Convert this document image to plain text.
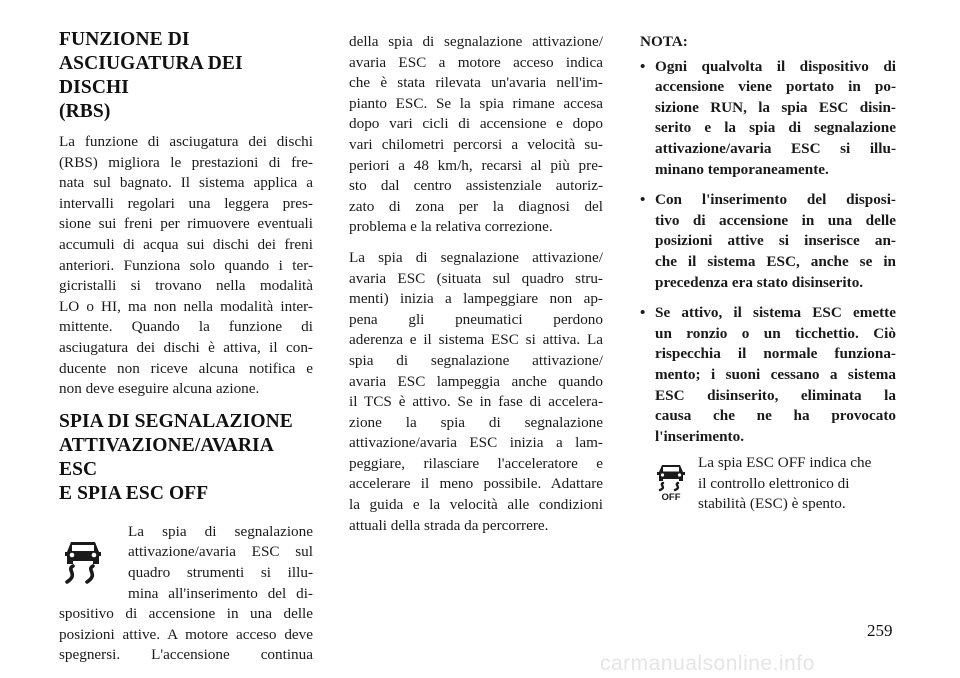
FUNZIONE DI
ASCIUGATURA DEI DISCHI
(RBS)

La funzione di asciugatura dei dischi
(RBS) migliora le prestazioni di fre-
nata sul bagnato. Il sistema applica a
intervalli regolari una leggera pres-
sione sui freni per rimuovere eventuali
accumuli di acqua sui dischi dei freni
anteriori. Funziona solo quando i ter-
gicristalli si trovano nella modalità
LO o HI, ma non nella modalità inter-
mittente. Quando la funzione di
asciugatura dei dischi è attiva, il con-
ducente non riceve alcuna notifica e
non deve eseguire alcuna azione.

SPIA DI SEGNALAZIONE
ATTIVAZIONE/AVARIA ESC
E SPIA ESC OFF

La spia di segnalazione
attivazione/avaria ESC sul
quadro strumenti si illu-
mina all'inserimento del di-

spositivo di accensione in una delle
posizioni attive. A motore acceso deve
spegnersi. L'accensione continua

della spia di segnalazione attivazione/
avaria ESC a motore acceso indica
che è stata rilevata un'avaria nell'im-
pianto ESC. Se la spia rimane accesa
dopo vari cicli di accensione e dopo
vari chilometri percorsi a velocità su-
periori a 48 km/h, recarsi al più pre-
sto dal centro assistenziale autoriz-
zato di zona per la diagnosi del
problema e la relativa correzione.

La spia di segnalazione attivazione/
avaria ESC (situata sul quadro stru-
menti) inizia a lampeggiare non ap-
pena gli pneumatici perdono
aderenza e il sistema ESC si attiva. La
spia di segnalazione attivazione/
avaria ESC lampeggia anche quando
il TCS è attivo. Se in fase di accelera-
zione la spia di segnalazione
attivazione/avaria ESC inizia a lam-
peggiare, rilasciare l'acceleratore e
accelerare il meno possibile. Adattare
la guida e la velocità alle condizioni
attuali della strada da percorrere.

NOTA:
• Ogni qualvolta il dispositivo di
accensione viene portato in po-
sizione RUN, la spia ESC disin-
serito e la spia di segnalazione
attivazione/avaria ESC si illu-
minano temporaneamente.
• Con l'inserimento del disposi-
tivo di accensione in una delle
posizioni attive si inserisce an-
che il sistema ESC, anche se in
precedenza era stato disinserito.
• Se attivo, il sistema ESC emette
un ronzio o un ticchettio. Ciò
rispecchia il normale funziona-
mento; i suoni cessano a sistema
ESC disinserito, eliminata la
causa che ne ha provocato
l'inserimento.
OFF

La spia ESC OFF indica che
il controllo elettronico di
stabilità (ESC) è spento.

259
carmanualsonline.info
